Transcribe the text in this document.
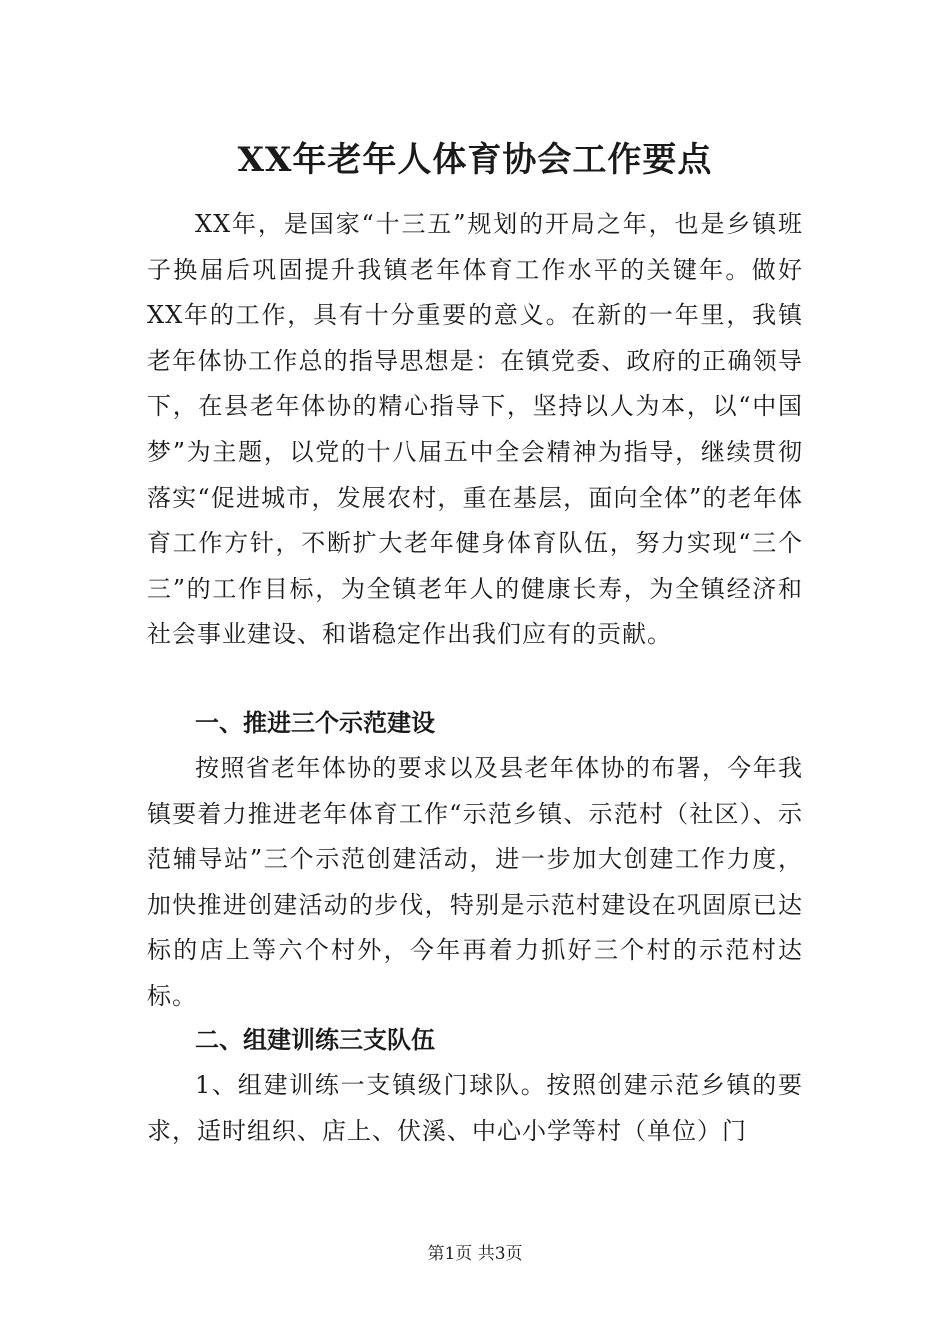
XX年老年人体育协会工作要点

XX年，是国家“十三五”规划的开局之年，也是乡镇班子换届后巩固提升我镇老年体育工作水平的关键年。做好XX年的工作，具有十分重要的意义。在新的一年里，我镇老年体协工作总的指导思想是：在镇党委、政府的正确领导下，在县老年体协的精心指导下，坚持以人为本，以“中国梦”为主题，以党的十八届五中全会精神为指导，继续贯彻落实“促进城市，发展农村，重在基层，面向全体”的老年体育工作方针，不断扩大老年健身体育队伍，努力实现“三个三”的工作目标，为全镇老年人的健康长寿，为全镇经济和社会事业建设、和谐稳定作出我们应有的贡献。

一、推进三个示范建设

按照省老年体协的要求以及县老年体协的布署，今年我镇要着力推进老年体育工作“示范乡镇、示范村（社区）、示范辅导站”三个示范创建活动，进一步加大创建工作力度，加快推进创建活动的步伐，特别是示范村建设在巩固原已达标的店上等六个村外，今年再着力抓好三个村的示范村达标。

二、组建训练三支队伍

1、组建训练一支镇级门球队。按照创建示范乡镇的要求，适时组织、店上、伏溪、中心小学等村（单位）门

第1页 共3页
